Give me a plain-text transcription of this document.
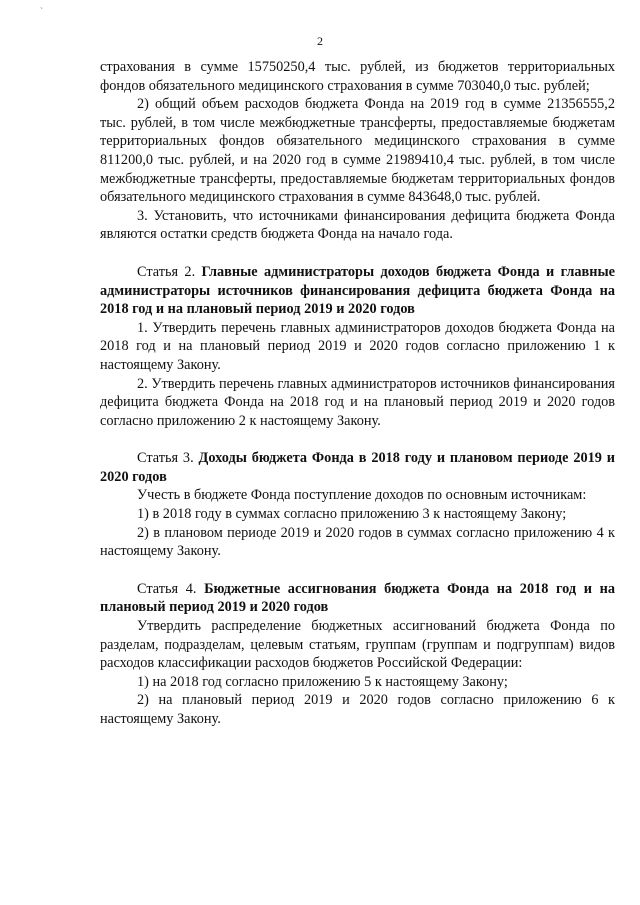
`
2

страхования в сумме 15750250,4 тыс. рублей, из бюджетов территориальных фондов обязательного медицинского страхования в сумме 703040,0 тыс. рублей;

2) общий объем расходов бюджета Фонда на 2019 год в сумме 21356555,2 тыс. рублей, в том числе межбюджетные трансферты, предоставляемые бюджетам территориальных фондов обязательного медицинского страхования в сумме 811200,0 тыс. рублей, и на 2020 год в сумме 21989410,4 тыс. рублей, в том числе межбюджетные трансферты, предоставляемые бюджетам территориальных фондов обязательного медицинского страхования в сумме 843648,0 тыс. рублей.

3. Установить, что источниками финансирования дефицита бюджета Фонда являются остатки средств бюджета Фонда на начало года.

Статья 2. Главные администраторы доходов бюджета Фонда и главные администраторы источников финансирования дефицита бюджета Фонда на 2018 год и на плановый период 2019 и 2020 годов

1. Утвердить перечень главных администраторов доходов бюджета Фонда на 2018 год и на плановый период 2019 и 2020 годов согласно приложению 1 к настоящему Закону.

2. Утвердить перечень главных администраторов источников финансирования дефицита бюджета Фонда на 2018 год и на плановый период 2019 и 2020 годов согласно приложению 2 к настоящему Закону.

Статья 3. Доходы бюджета Фонда в 2018 году и плановом периоде 2019 и 2020 годов

Учесть в бюджете Фонда поступление доходов по основным источникам:

1) в 2018 году в суммах согласно приложению 3 к настоящему Закону;

2) в плановом периоде 2019 и 2020 годов в суммах согласно приложению 4 к настоящему Закону.

Статья 4. Бюджетные ассигнования бюджета Фонда на 2018 год и на плановый период 2019 и 2020 годов

Утвердить распределение бюджетных ассигнований бюджета Фонда по разделам, подразделам, целевым статьям, группам (группам и подгруппам) видов расходов классификации расходов бюджетов Российской Федерации:

1) на 2018 год согласно приложению 5 к настоящему Закону;

2) на плановый период 2019 и 2020 годов согласно приложению 6 к настоящему Закону.
